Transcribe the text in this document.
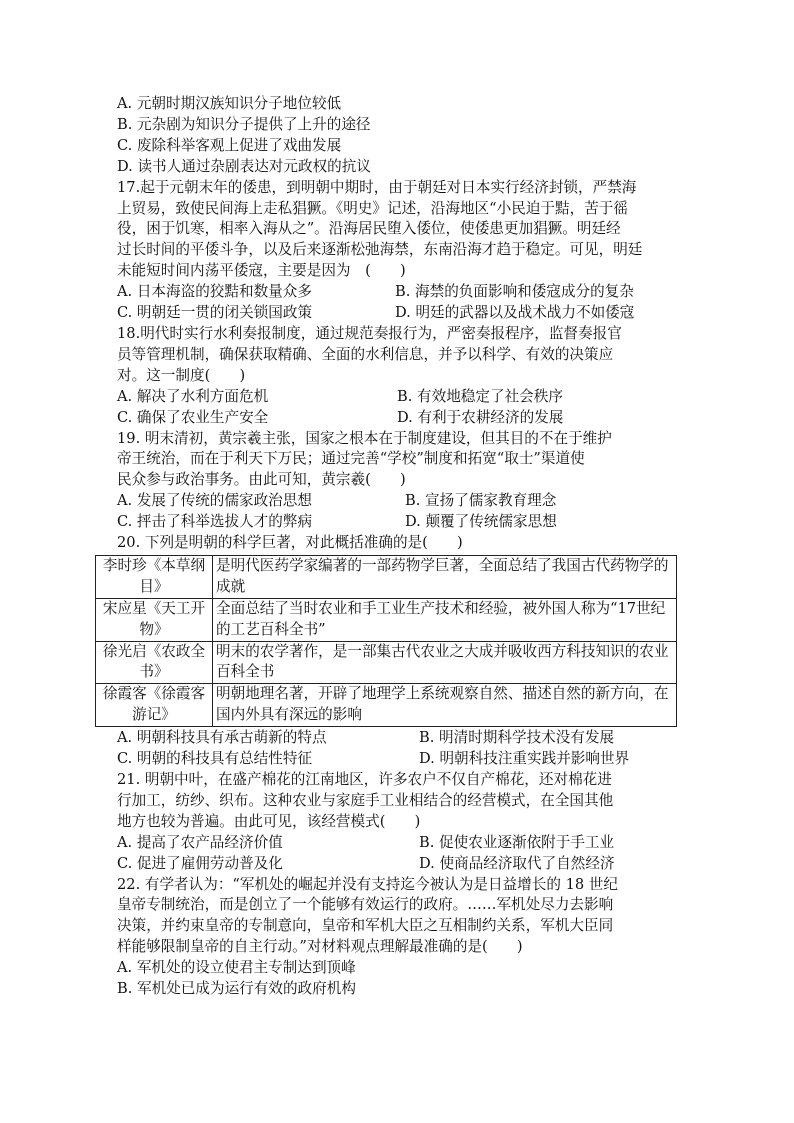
A. 元朝时期汉族知识分子地位较低
B. 元杂剧为知识分子提供了上升的途径
C. 废除科举客观上促进了戏曲发展
D. 读书人通过杂剧表达对元政权的抗议
17.起于元朝末年的倭患，到明朝中期时，由于朝廷对日本实行经济封锁，严禁海
上贸易，致使民间海上走私猖獗。《明史》记述，沿海地区“小民迫于黠，苦于徭
役，困于饥寒，相率入海从之”。沿海居民堕入倭位，使倭患更加猖獗。明廷经
过长时间的平倭斗争，以及后来逐渐松弛海禁，东南沿海才趋于稳定。可见，明廷
未能短时间内荡平倭寇，主要是因为　(　　)
A. 日本海盗的狡黠和数量众多	B. 海禁的负面影响和倭寇成分的复杂
C. 明朝廷一贯的闭关锁国政策	D. 明廷的武器以及战术战力不如倭寇
18.明代时实行水利奏报制度，通过规范奏报行为，严密奏报程序，监督奏报官
员等管理机制，确保获取精确、全面的水利信息，并予以科学、有效的决策应
对。这一制度(　　)
A. 解决了水利方面危机	B. 有效地稳定了社会秩序
C. 确保了农业生产安全	D. 有利于农耕经济的发展
19. 明末清初，黄宗羲主张，国家之根本在于制度建设，但其目的不在于维护
帝王统治，而在于利天下万民；通过完善“学校”制度和拓宽“取士”渠道使
民众参与政治事务。由此可知，黄宗羲(　　)
A. 发展了传统的儒家政治思想	B. 宣扬了儒家教育理念
C. 抨击了科举选拔人才的弊病	D. 颠覆了传统儒家思想
20. 下列是明朝的科学巨著，对此概括准确的是(　　)
李时珍《本草纲目》	是明代医药学家编著的一部药物学巨著，全面总结了我国古代药物学的成就
宋应星《天工开物》	全面总结了当时农业和手工业生产技术和经验，被外国人称为“17世纪的工艺百科全书”
徐光启《农政全书》	明末的农学著作，是一部集古代农业之大成并吸收西方科技知识的农业百科全书
徐霞客《徐霞客游记》	明朝地理名著，开辟了地理学上系统观察自然、描述自然的新方向，在国内外具有深远的影响
A. 明朝科技具有承古萌新的特点	B. 明清时期科学技术没有发展
C. 明朝的科技具有总结性特征	D. 明朝科技注重实践并影响世界
21. 明朝中叶，在盛产棉花的江南地区，许多农户不仅自产棉花，还对棉花进
行加工，纺纱、织布。这种农业与家庭手工业相结合的经营模式，在全国其他
地方也较为普遍。由此可见，该经营模式(　　)
A. 提高了农产品经济价值	B. 促使农业逐渐依附于手工业
C. 促进了雇佣劳动普及化	D. 使商品经济取代了自然经济
22. 有学者认为：“军机处的崛起并没有支持迄今被认为是日益增长的 18 世纪
皇帝专制统治，而是创立了一个能够有效运行的政府。……军机处尽力去影响
决策，并约束皇帝的专制意向，皇帝和军机大臣之互相制约关系，军机大臣同
样能够限制皇帝的自主行动。”对材料观点理解最准确的是(　　)
A. 军机处的设立使君主专制达到顶峰
B. 军机处已成为运行有效的政府机构
